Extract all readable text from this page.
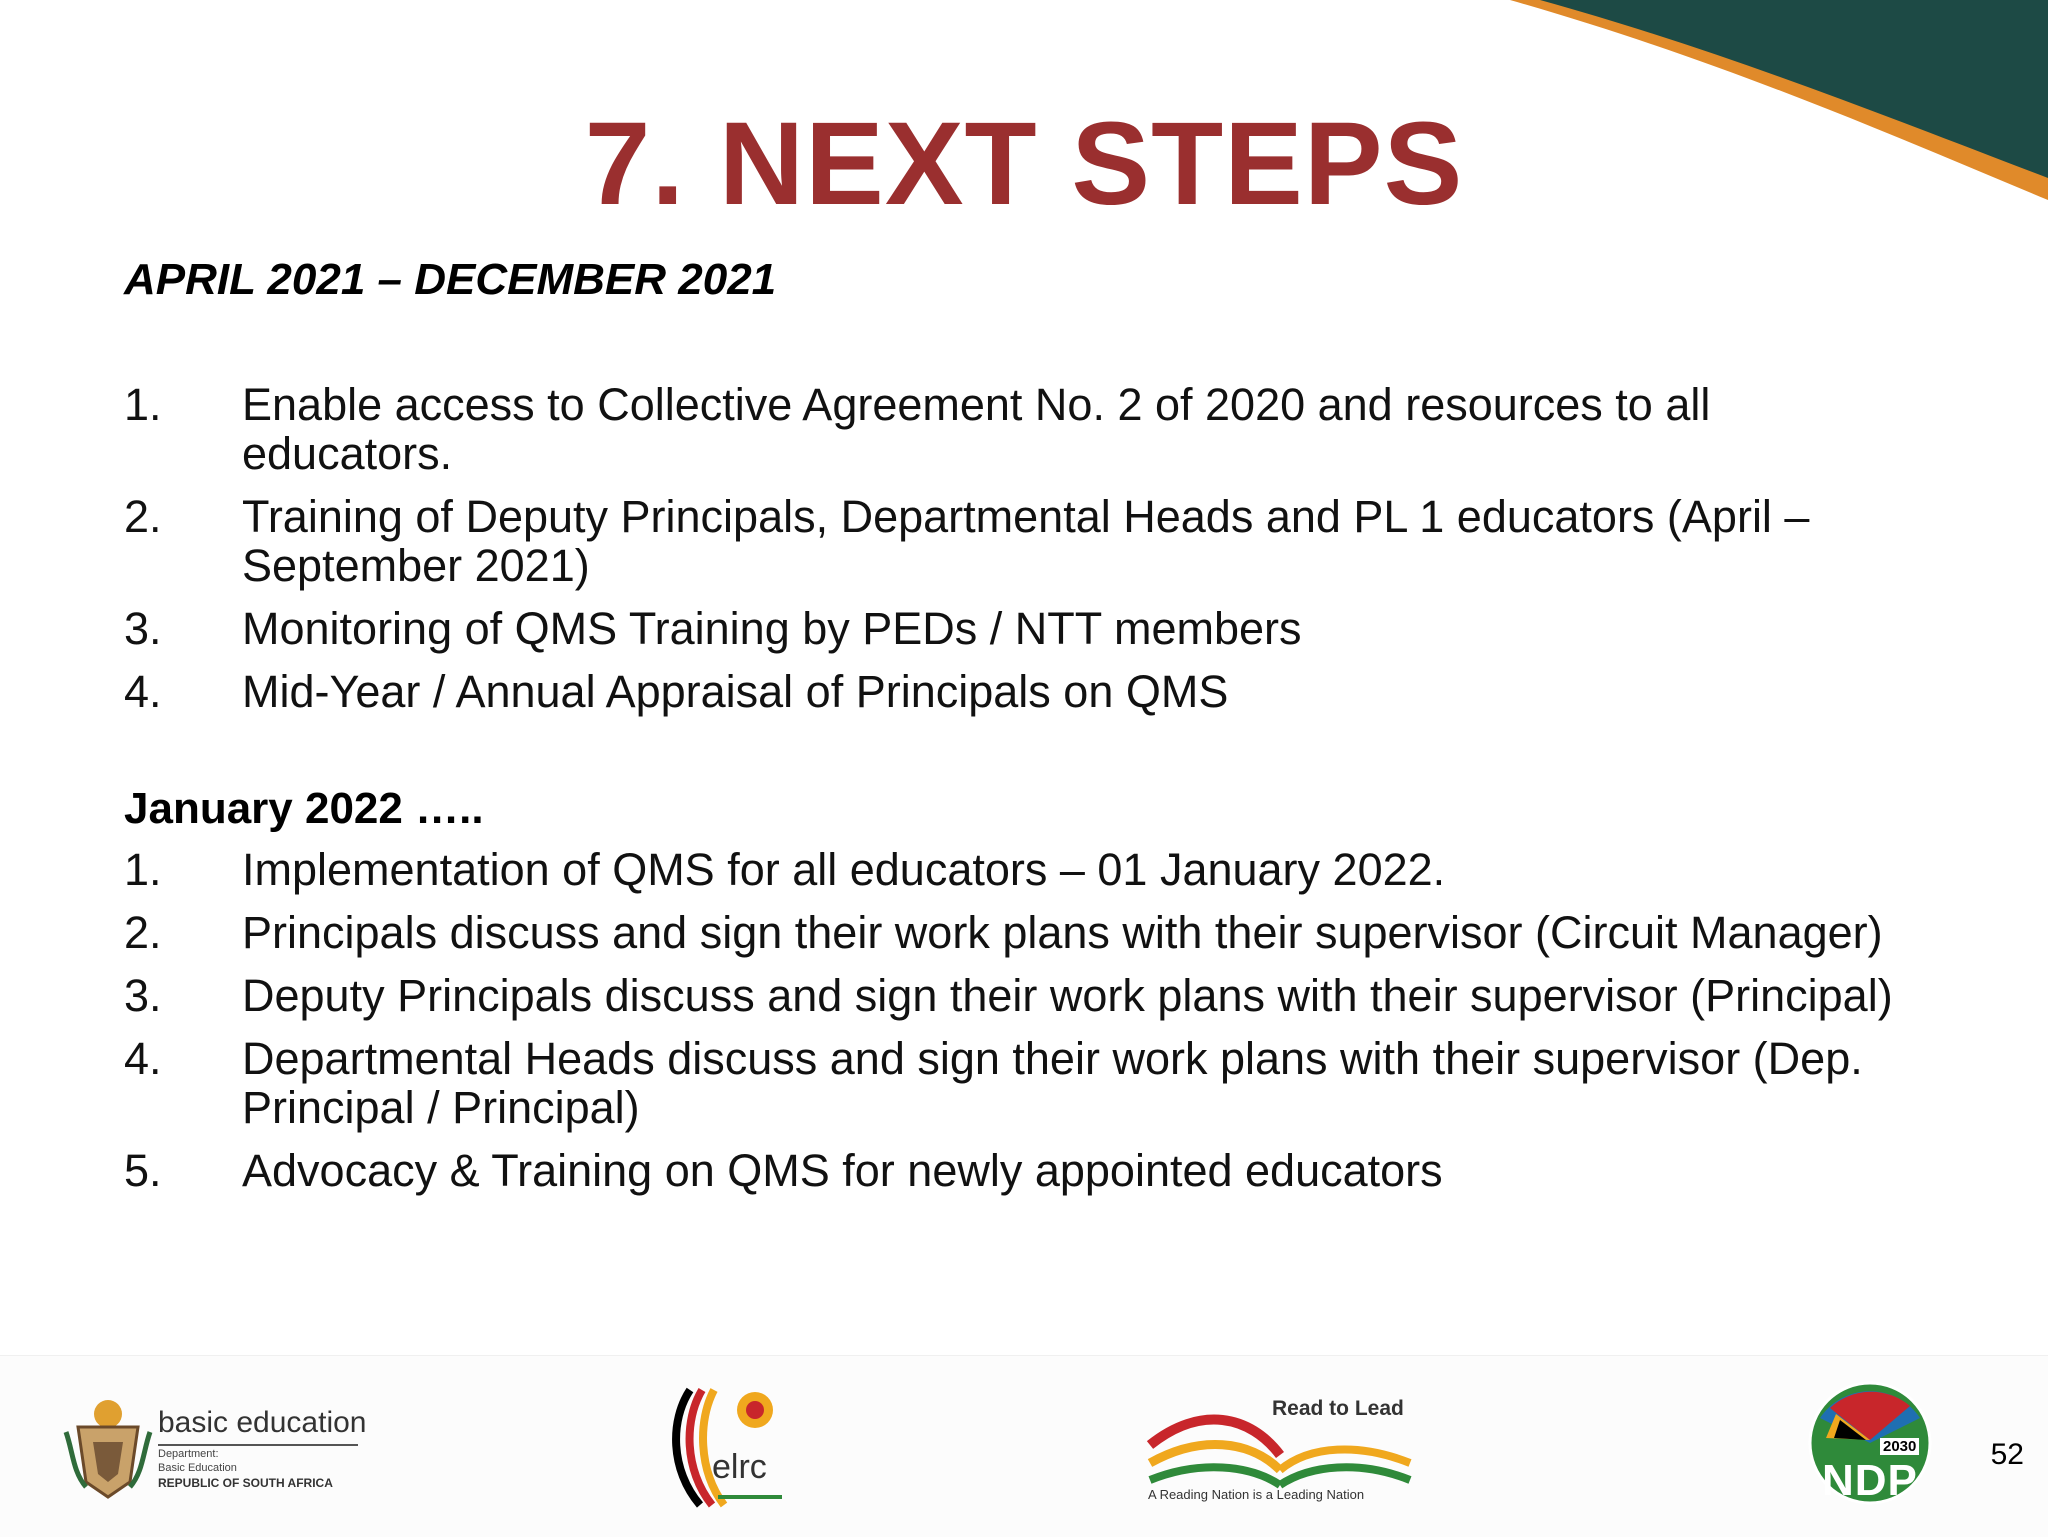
7. NEXT STEPS

APRIL 2021 – DECEMBER 2021

1. Enable access to Collective Agreement No. 2 of 2020 and resources to all educators.
2. Training of Deputy Principals, Departmental Heads and PL 1 educators (April – September 2021)
3. Monitoring of QMS Training by PEDs / NTT members
4. Mid-Year / Annual Appraisal of Principals on QMS

January 2022 …..

1. Implementation of QMS for all educators – 01 January 2022.
2. Principals discuss and sign their work plans with their supervisor (Circuit Manager)
3. Deputy Principals discuss and sign their work plans with their supervisor (Principal)
4. Departmental Heads discuss and sign their work plans with their supervisor (Dep. Principal / Principal)
5. Advocacy & Training on QMS for newly appointed educators
basic education
Department:
Basic Education
REPUBLIC OF SOUTH AFRICA	elrc
Read to Lead
A Reading Nation is a Leading Nation
2030
NDP
52
